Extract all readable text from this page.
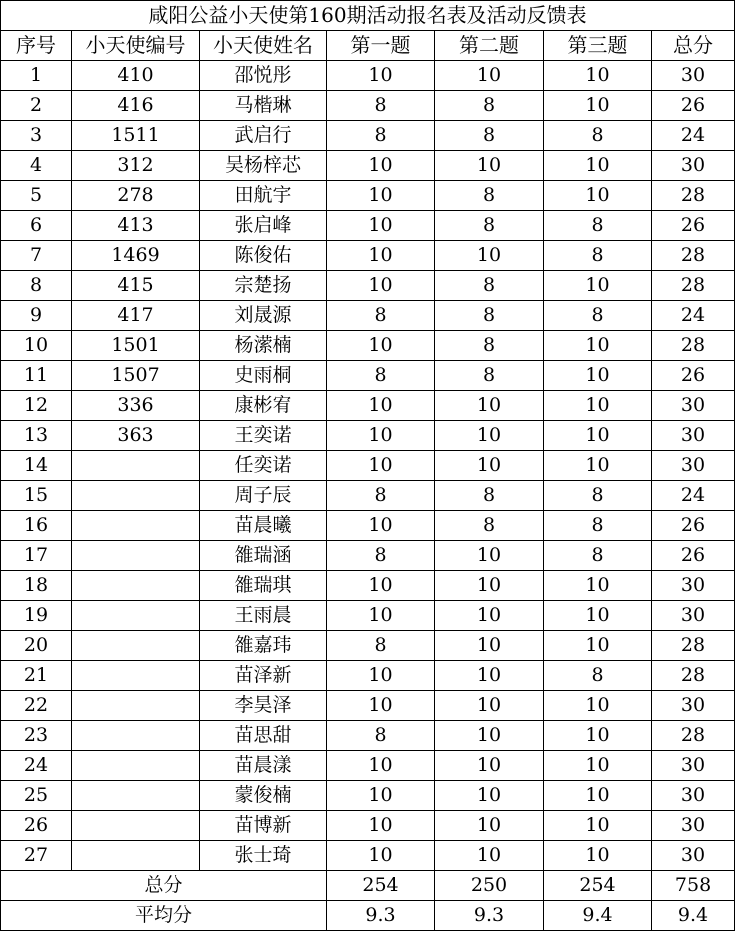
咸阳公益小天使第160期活动报名表及活动反馈表						
序号	小天使编号	小天使姓名	第一题	第二题	第三题	总分
1	410	邵悦彤	10	10	10	30
2	416	马楷琳	8	8	10	26
3	1511	武启行	8	8	8	24
4	312	吴杨梓芯	10	10	10	30
5	278	田航宇	10	8	10	28
6	413	张启峰	10	8	8	26
7	1469	陈俊佑	10	10	8	28
8	415	宗楚扬	10	8	10	28
9	417	刘晟源	8	8	8	24
10	1501	杨潆楠	10	8	10	28
11	1507	史雨桐	8	8	10	26
12	336	康彬宥	10	10	10	30
13	363	王奕诺	10	10	10	30
14		任奕诺	10	10	10	30
15		周子辰	8	8	8	24
16		苗晨曦	10	8	8	26
17		雒瑞涵	8	10	8	26
18		雒瑞琪	10	10	10	30
19		王雨晨	10	10	10	30
20		雒嘉玮	8	10	10	28
21		苗泽新	10	10	8	28
22		李昊泽	10	10	10	30
23		苗思甜	8	10	10	28
24		苗晨漾	10	10	10	30
25		蒙俊楠	10	10	10	30
26		苗博新	10	10	10	30
27		张士琦	10	10	10	30
总分			254	250	254	758
平均分			9.3	9.3	9.4	9.4
